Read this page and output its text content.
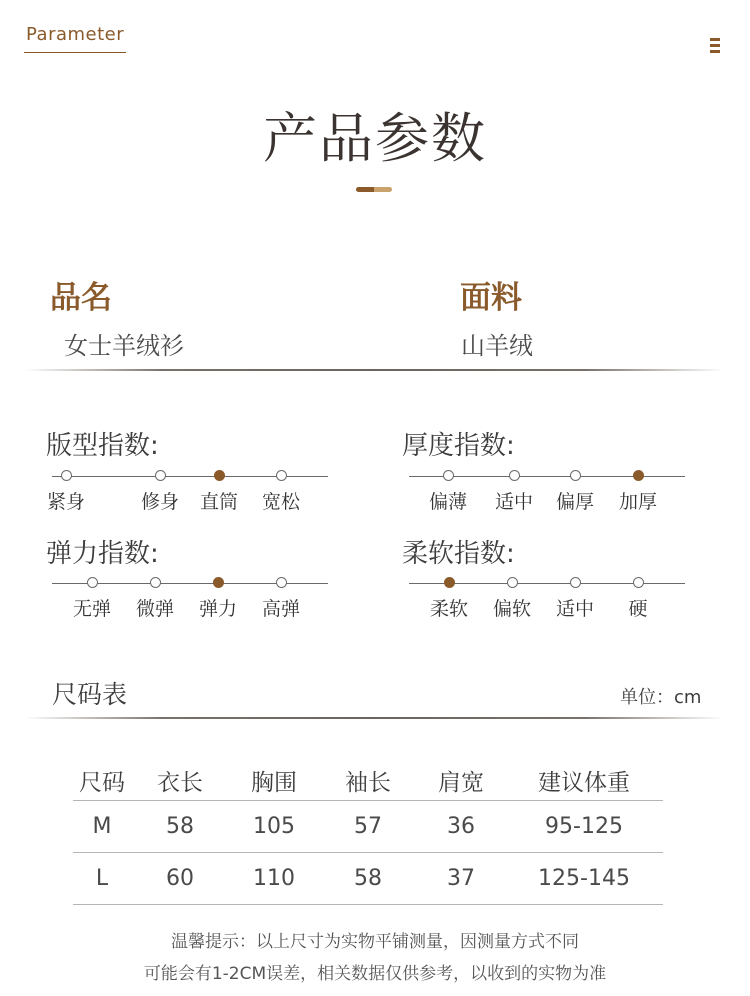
Parameter
产品参数
品名
女士羊绒衫
面料
山羊绒
版型指数:
紧身	修身	直筒	宽松
厚度指数:
偏薄	适中	偏厚	加厚
弹力指数:
无弹	微弹	弹力	高弹
柔软指数:
柔软	偏软	适中	硬
尺码表	单位：cm
尺码	衣长	胸围	袖长	肩宽	建议体重
M	58	105	57	36	95-125
L	60	110	58	37	125-145
温馨提示：以上尺寸为实物平铺测量，因测量方式不同
可能会有1-2CM误差，相关数据仅供参考，以收到的实物为准
